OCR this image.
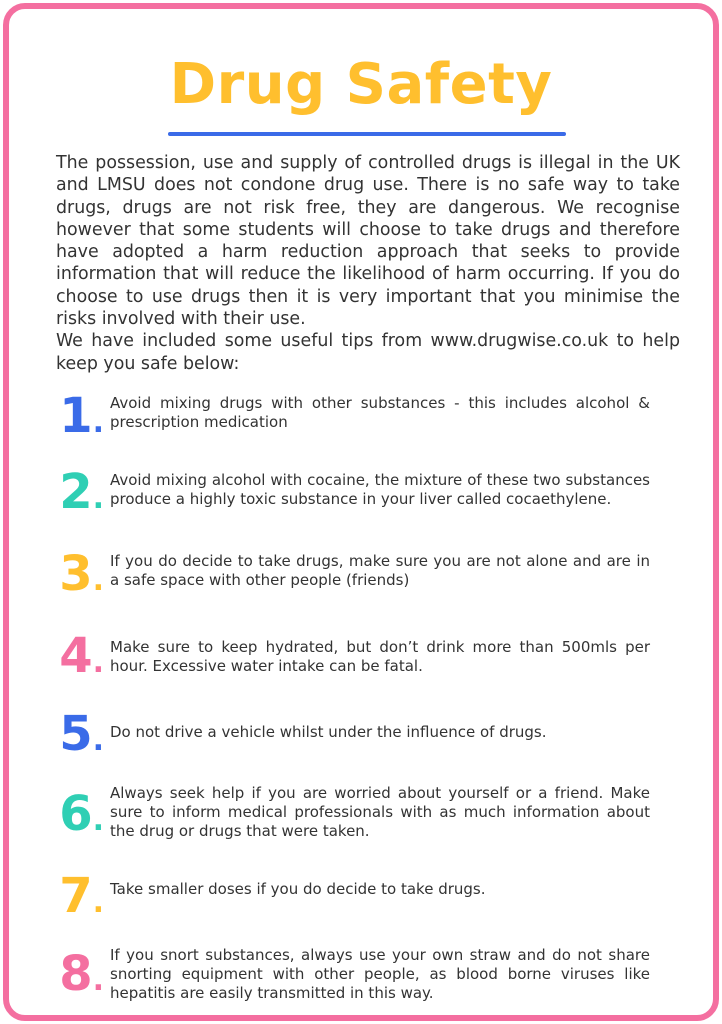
Drug Safety

The possession, use and supply of controlled drugs is illegal in the UK and LMSU does not condone drug use. There is no safe way to take drugs, drugs are not risk free, they are dangerous. We recognise however that some students will choose to take drugs and therefore have adopted a harm reduction approach that seeks to provide information that will reduce the likelihood of harm occurring. If you do choose to use drugs then it is very important that you minimise the risks involved with their use.

We have included some useful tips from www.drugwise.co.uk to help keep you safe below:

1.
Avoid mixing drugs with other substances - this includes alcohol & prescription medication
2.
Avoid mixing alcohol with cocaine, the mixture of these two substances produce a highly toxic substance in your liver called cocaethylene.
3.
If you do decide to take drugs, make sure you are not alone and are in a safe space with other people (friends)
4. Make sure to keep hydrated, but don’t drink more than 500mls per hour. Excessive water intake can be fatal.
5. Do not drive a vehicle whilst under the influence of drugs.
6.
Always seek help if you are worried about yourself or a friend. Make sure to inform medical professionals with as much information about the drug or drugs that were taken.
7. Take smaller doses if you do decide to take drugs.
8.
If you snort substances, always use your own straw and do not share snorting equipment with other people, as blood borne viruses like hepatitis are easily transmitted in this way.
